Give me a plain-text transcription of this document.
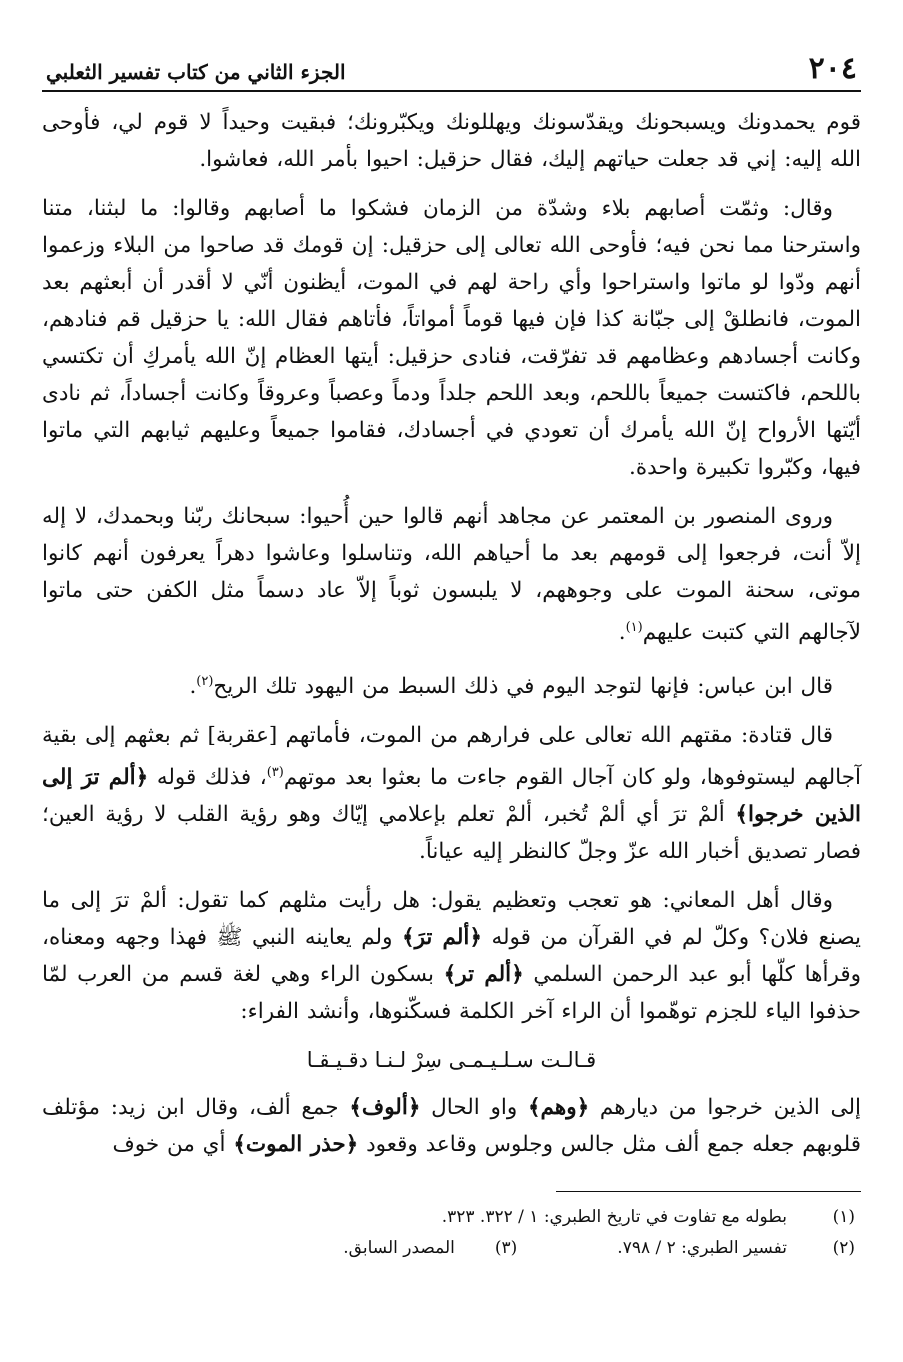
٢٠٤
الجزء الثاني من كتاب تفسير الثعلبي

قوم يحمدونك ويسبحونك ويقدّسونك ويهللونك ويكبّرونك؛ فبقيت وحيداً لا قوم لي، فأوحى الله إليه: إني قد جعلت حياتهم إليك، فقال حزقيل: احيوا بأمر الله، فعاشوا.

وقال: وثمّت أصابهم بلاء وشدّة من الزمان فشكوا ما أصابهم وقالوا: ما لبثنا، متنا واسترحنا مما نحن فيه؛ فأوحى الله تعالى إلى حزقيل: إن قومك قد صاحوا من البلاء وزعموا أنهم ودّوا لو ماتوا واستراحوا وأي راحة لهم في الموت، أيظنون أنّي لا أقدر أن أبعثهم بعد الموت، فانطلقْ إلى جبّانة كذا فإن فيها قوماً أمواتاً، فأتاهم فقال الله: يا حزقيل قم فنادهم، وكانت أجسادهم وعظامهم قد تفرّقت، فنادى حزقيل: أيتها العظام إنّ الله يأمركِ أن تكتسي باللحم، فاكتست جميعاً باللحم، وبعد اللحم جلداً ودماً وعصباً وعروقاً وكانت أجساداً، ثم نادى أيّتها الأرواح إنّ الله يأمرك أن تعودي في أجسادك، فقاموا جميعاً وعليهم ثيابهم التي ماتوا فيها، وكبّروا تكبيرة واحدة.

وروى المنصور بن المعتمر عن مجاهد أنهم قالوا حين أُحيوا: سبحانك ربّنا وبحمدك، لا إله إلاّ أنت، فرجعوا إلى قومهم بعد ما أحياهم الله، وتناسلوا وعاشوا دهراً يعرفون أنهم كانوا موتى، سحنة الموت على وجوههم، لا يلبسون ثوباً إلاّ عاد دسماً مثل الكفن حتى ماتوا لآجالهم التي كتبت عليهم$^{(١)}$.

قال ابن عباس: فإنها لتوجد اليوم في ذلك السبط من اليهود تلك الريح$^{(٢)}$.

قال قتادة: مقتهم الله تعالى على فرارهم من الموت، فأماتهم [عقربة] ثم بعثهم إلى بقية آجالهم ليستوفوها، ولو كان آجال القوم جاءت ما بعثوا بعد موتهم$^{(٣)}$، فذلك قوله ﴿ألم ترَ إلى الذين خرجوا﴾ ألمْ ترَ أي ألمْ تُخبر، ألمْ تعلم بإعلامي إيّاك وهو رؤية القلب لا رؤية العين؛ فصار تصديق أخبار الله عزّ وجلّ كالنظر إليه عياناً.

وقال أهل المعاني: هو تعجب وتعظيم يقول: هل رأيت مثلهم كما تقول: ألمْ ترَ إلى ما يصنع فلان؟ وكلّ لم في القرآن من قوله ﴿ألم ترَ﴾ ولم يعاينه النبي ﷺ فهذا وجهه ومعناه، وقرأها كلّها أبو عبد الرحمن السلمي ﴿ألم تر﴾ بسكون الراء وهي لغة قسم من العرب لمّا حذفوا الياء للجزم توهّموا أن الراء آخر الكلمة فسكّنوها، وأنشد الفراء:

قـالـت سـلـيـمـى سِرْ لـنـا دقـيـقـا

إلى الذين خرجوا من ديارهم ﴿وهم﴾ واو الحال ﴿ألوف﴾ جمع ألف، وقال ابن زيد: مؤتلف قلوبهم جعله جمع ألف مثل جالس وجلوس وقاعد وقعود ﴿حذر الموت﴾ أي من خوف

(١)
بطوله مع تفاوت في تاريخ الطبري: ١ / ٣٢٢. ٣٢٣.
(٢)
تفسير الطبري: ٢ / ٧٩٨.
(٣)
المصدر السابق.
